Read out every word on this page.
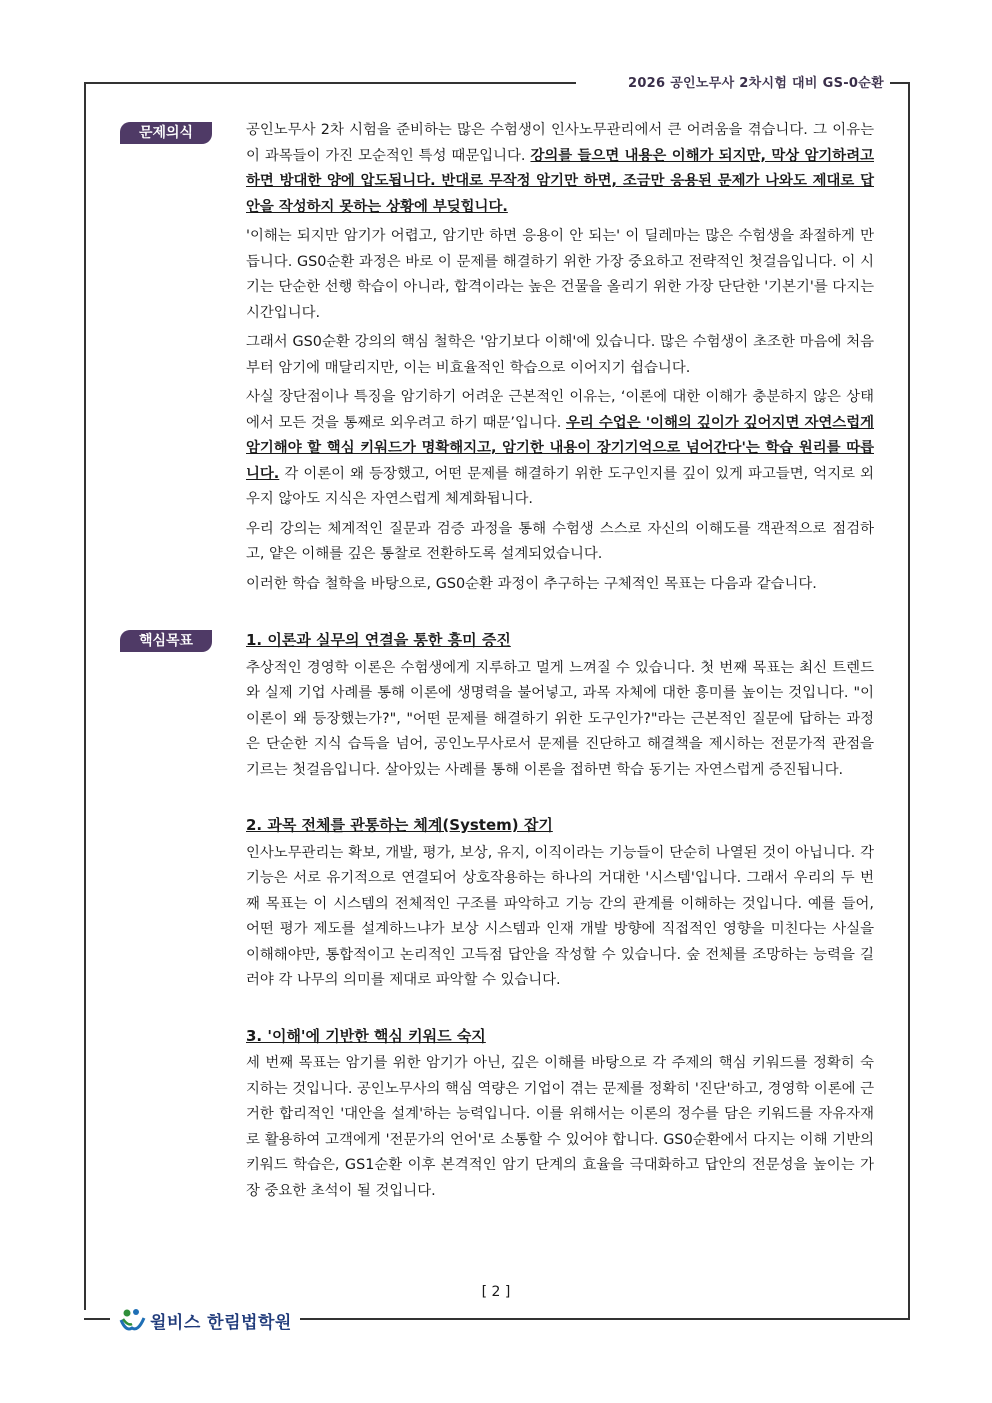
2026 공인노무사 2차시험 대비 GS-0순환
문제의식	공인노무사 2차 시험을 준비하는 많은 수험생이 인사노무관리에서 큰 어려움을 겪습니다. 그 이유는 이 과목들이 가진 모순적인 특성 때문입니다. 강의를 들으면 내용은 이해가 되지만, 막상 암기하려고 하면 방대한 양에 압도됩니다. 반대로 무작정 암기만 하면, 조금만 응용된 문제가 나와도 제대로 답안을 작성하지 못하는 상황에 부딪힙니다.

'이해는 되지만 암기가 어렵고, 암기만 하면 응용이 안 되는' 이 딜레마는 많은 수험생을 좌절하게 만듭니다. GS0순환 과정은 바로 이 문제를 해결하기 위한 가장 중요하고 전략적인 첫걸음입니다. 이 시기는 단순한 선행 학습이 아니라, 합격이라는 높은 건물을 올리기 위한 가장 단단한 '기본기'를 다지는 시간입니다.

그래서 GS0순환 강의의 핵심 철학은 '암기보다 이해'에 있습니다. 많은 수험생이 초조한 마음에 처음부터 암기에 매달리지만, 이는 비효율적인 학습으로 이어지기 쉽습니다.

사실 장단점이나 특징을 암기하기 어려운 근본적인 이유는, ‘이론에 대한 이해가 충분하지 않은 상태에서 모든 것을 통째로 외우려고 하기 때문’입니다. 우리 수업은 '이해의 깊이가 깊어지면 자연스럽게 암기해야 할 핵심 키워드가 명확해지고, 암기한 내용이 장기기억으로 넘어간다'는 학습 원리를 따릅니다. 각 이론이 왜 등장했고, 어떤 문제를 해결하기 위한 도구인지를 깊이 있게 파고들면, 억지로 외우지 않아도 지식은 자연스럽게 체계화됩니다.

우리 강의는 체계적인 질문과 검증 과정을 통해 수험생 스스로 자신의 이해도를 객관적으로 점검하고, 얕은 이해를 깊은 통찰로 전환하도록 설계되었습니다.

이러한 학습 철학을 바탕으로, GS0순환 과정이 추구하는 구체적인 목표는 다음과 같습니다.

핵심목표	1. 이론과 실무의 연결을 통한 흥미 증진

추상적인 경영학 이론은 수험생에게 지루하고 멀게 느껴질 수 있습니다. 첫 번째 목표는 최신 트렌드와 실제 기업 사례를 통해 이론에 생명력을 불어넣고, 과목 자체에 대한 흥미를 높이는 것입니다. "이 이론이 왜 등장했는가?", "어떤 문제를 해결하기 위한 도구인가?"라는 근본적인 질문에 답하는 과정은 단순한 지식 습득을 넘어, 공인노무사로서 문제를 진단하고 해결책을 제시하는 전문가적 관점을 기르는 첫걸음입니다. 살아있는 사례를 통해 이론을 접하면 학습 동기는 자연스럽게 증진됩니다.

2. 과목 전체를 관통하는 체계(System) 잡기

인사노무관리는 확보, 개발, 평가, 보상, 유지, 이직이라는 기능들이 단순히 나열된 것이 아닙니다. 각 기능은 서로 유기적으로 연결되어 상호작용하는 하나의 거대한 '시스템'입니다. 그래서 우리의 두 번째 목표는 이 시스템의 전체적인 구조를 파악하고 기능 간의 관계를 이해하는 것입니다. 예를 들어, 어떤 평가 제도를 설계하느냐가 보상 시스템과 인재 개발 방향에 직접적인 영향을 미친다는 사실을 이해해야만, 통합적이고 논리적인 고득점 답안을 작성할 수 있습니다. 숲 전체를 조망하는 능력을 길러야 각 나무의 의미를 제대로 파악할 수 있습니다.

3. '이해'에 기반한 핵심 키워드 숙지

세 번째 목표는 암기를 위한 암기가 아닌, 깊은 이해를 바탕으로 각 주제의 핵심 키워드를 정확히 숙지하는 것입니다. 공인노무사의 핵심 역량은 기업이 겪는 문제를 정확히 '진단'하고, 경영학 이론에 근거한 합리적인 '대안을 설계'하는 능력입니다. 이를 위해서는 이론의 정수를 담은 키워드를 자유자재로 활용하여 고객에게 '전문가의 언어'로 소통할 수 있어야 합니다. GS0순환에서 다지는 이해 기반의 키워드 학습은, GS1순환 이후 본격적인 암기 단계의 효율을 극대화하고 답안의 전문성을 높이는 가장 중요한 초석이 될 것입니다.

[ 2 ]
윌비스 한림법학원
